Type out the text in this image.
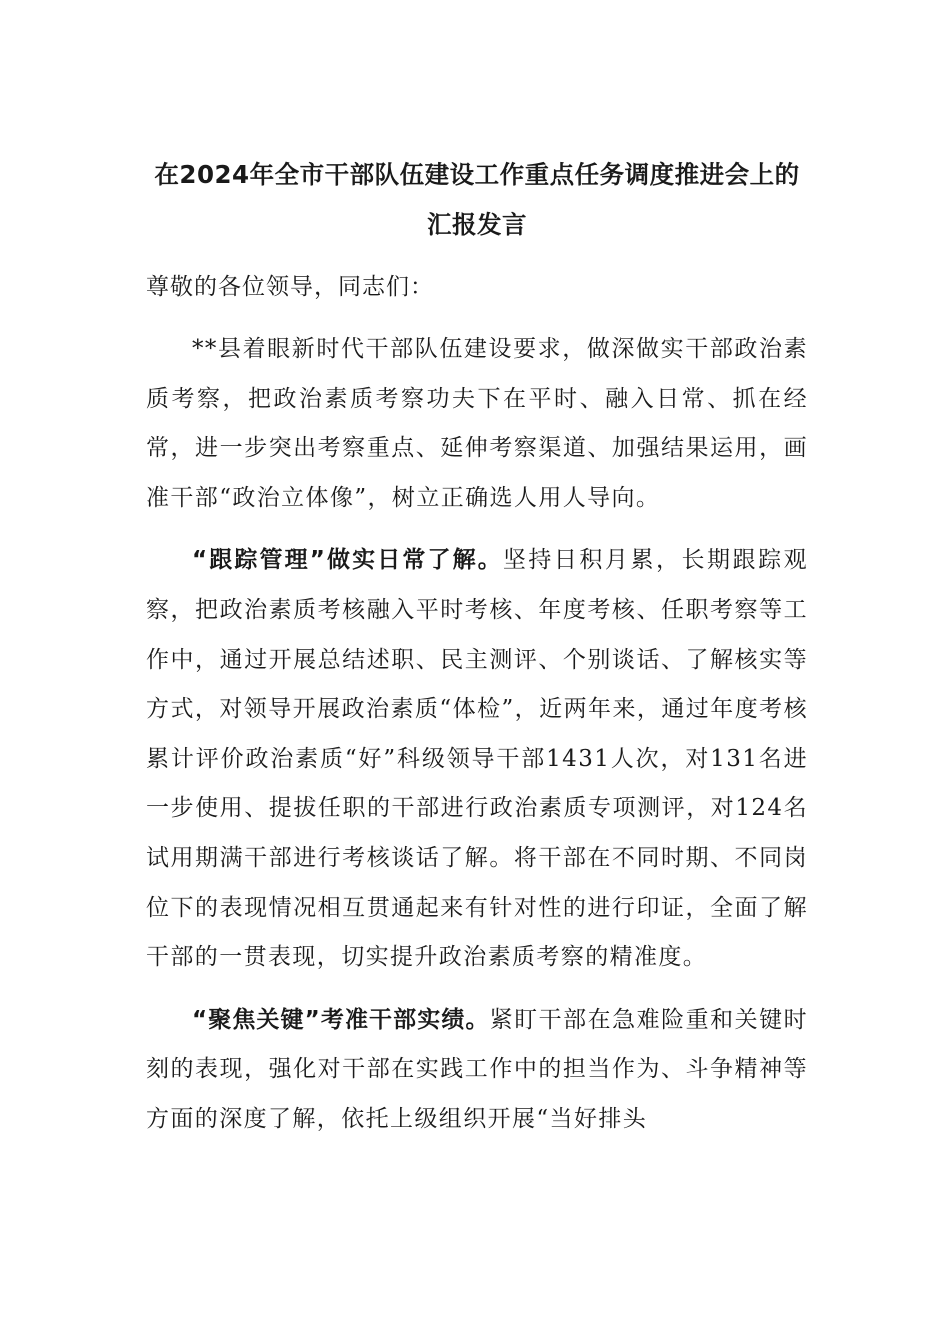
在2024年全市干部队伍建设工作重点任务调度推进会上的
汇报发言

尊敬的各位领导，同志们：

**县着眼新时代干部队伍建设要求，做深做实干部政治素质考察，把政治素质考察功夫下在平时、融入日常、抓在经常，进一步突出考察重点、延伸考察渠道、加强结果运用，画准干部“政治立体像”，树立正确选人用人导向。

“跟踪管理”做实日常了解。坚持日积月累，长期跟踪观察，把政治素质考核融入平时考核、年度考核、任职考察等工作中，通过开展总结述职、民主测评、个别谈话、了解核实等方式，对领导开展政治素质“体检”，近两年来，通过年度考核累计评价政治素质“好”科级领导干部1431人次，对131名进一步使用、提拔任职的干部进行政治素质专项测评，对124名试用期满干部进行考核谈话了解。将干部在不同时期、不同岗位下的表现情况相互贯通起来有针对性的进行印证，全面了解干部的一贯表现，切实提升政治素质考察的精准度。

“聚焦关键”考准干部实绩。紧盯干部在急难险重和关键时刻的表现，强化对干部在实践工作中的担当作为、斗争精神等方面的深度了解，依托上级组织开展“当好排头
